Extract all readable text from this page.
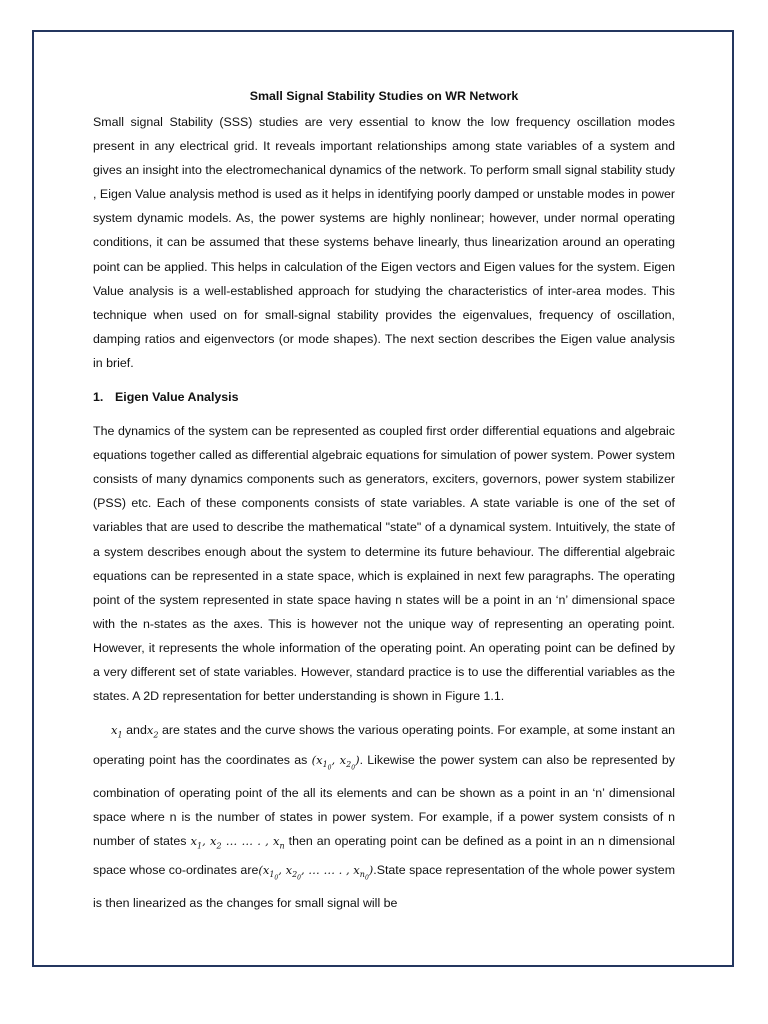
Small Signal Stability Studies on WR Network

Small signal Stability (SSS) studies are very essential to know the low frequency oscillation modes present in any electrical grid. It reveals important relationships among state variables of a system and gives an insight into the electromechanical dynamics of the network. To perform small signal stability study , Eigen Value analysis method is used as it helps in identifying poorly damped or unstable modes in power system dynamic models. As, the power systems are highly nonlinear; however, under normal operating conditions, it can be assumed that these systems behave linearly, thus linearization around an operating point can be applied. This helps in calculation of the Eigen vectors and Eigen values for the system. Eigen Value analysis is a well-established approach for studying the characteristics of inter-area modes. This technique when used on for small-signal stability provides the eigenvalues, frequency of oscillation, damping ratios and eigenvectors (or mode shapes). The next section describes the Eigen value analysis in brief.

1. Eigen Value Analysis

The dynamics of the system can be represented as coupled first order differential equations and algebraic equations together called as differential algebraic equations for simulation of power system. Power system consists of many dynamics components such as generators, exciters, governors, power system stabilizer (PSS) etc. Each of these components consists of state variables. A state variable is one of the set of variables that are used to describe the mathematical "state" of a dynamical system. Intuitively, the state of a system describes enough about the system to determine its future behaviour. The differential algebraic equations can be represented in a state space, which is explained in next few paragraphs. The operating point of the system represented in state space having n states will be a point in an ‘n’ dimensional space with the n-states as the axes. This is however not the unique way of representing an operating point. However, it represents the whole information of the operating point. An operating point can be defined by a very different set of state variables. However, standard practice is to use the differential variables as the states. A 2D representation for better understanding is shown in Figure 1.1.

$x_1$ andx$_2$ are states and the curve shows the various operating points. For example, at some instant an operating point has the coordinates as ($x_{1_0}$, $x_{2_0}$). Likewise the power system can also be represented by combination of operating point of the all its elements and can be shown as a point in an ‘n’ dimensional space where n is the number of states in power system. For example, if a power system consists of n number of states $x_1$, $x_2$ … … . , $x_n$ then an operating point can be defined as a point in an n dimensional space whose co-ordinates $are(x_{1_0}$, $x_{2_0}$, … … . , $x_{n_0}).State$ space representation of the whole power system is then linearized as the changes for small signal will be
